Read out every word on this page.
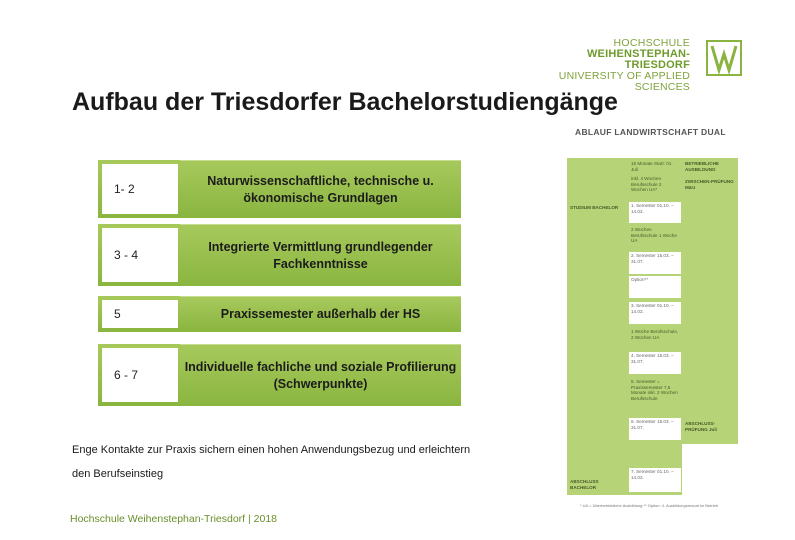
HOCHSCHULE
WEIHENSTEPHAN-TRIESDORF
UNIVERSITY OF APPLIED SCIENCES
Aufbau der Triesdorfer Bachelorstudiengänge
1- 2
Naturwissenschaftliche, technische u. ökonomische Grundlagen
3 - 4
Integrierte Vermittlung grundlegender Fachkenntnisse
5	Praxissemester außerhalb der HS
6 - 7
Individuelle fachliche und soziale Profilierung (Schwerpunkte)
Enge Kontakte zur Praxis sichern einen hohen Anwendungsbezug und erleichtern
den Berufseinstieg
Hochschule Weihenstephan-Triesdorf | 2018
ABLAUF LANDWIRTSCHAFT DUAL
STUDIUM BACHELOR
ABSCHLUSS BACHELOR
BETRIEBLICHE AUSBILDUNG
ZWISCHEN-PRÜFUNG März
ABSCHLUSS-PRÜFUNG Juli
15 Monate Start: 01. Juli
inkl. 4 Wochen Berufsschule 2 Wochen UA*
1. Semester 01.10. – 14.02.
2 Wochen Berufsschule 1 Woche UA
2. Semester 15.03. – 31.07.
Option**
3. Semester 01.10. – 14.02.
1 Woche Berufsschule, 2 Wochen UA
4. Semester 15.03. – 31.07.
5. Semester = Praxissemester 7,5 Monate inkl. 2 Wochen Berufsschule
6. Semester 15.03. – 31.07.
7. Semester 01.10. – 14.02.
* UA = Überbetriebliche Ausbildung ** Option: 4. Ausbildungsmonat im Betrieb
